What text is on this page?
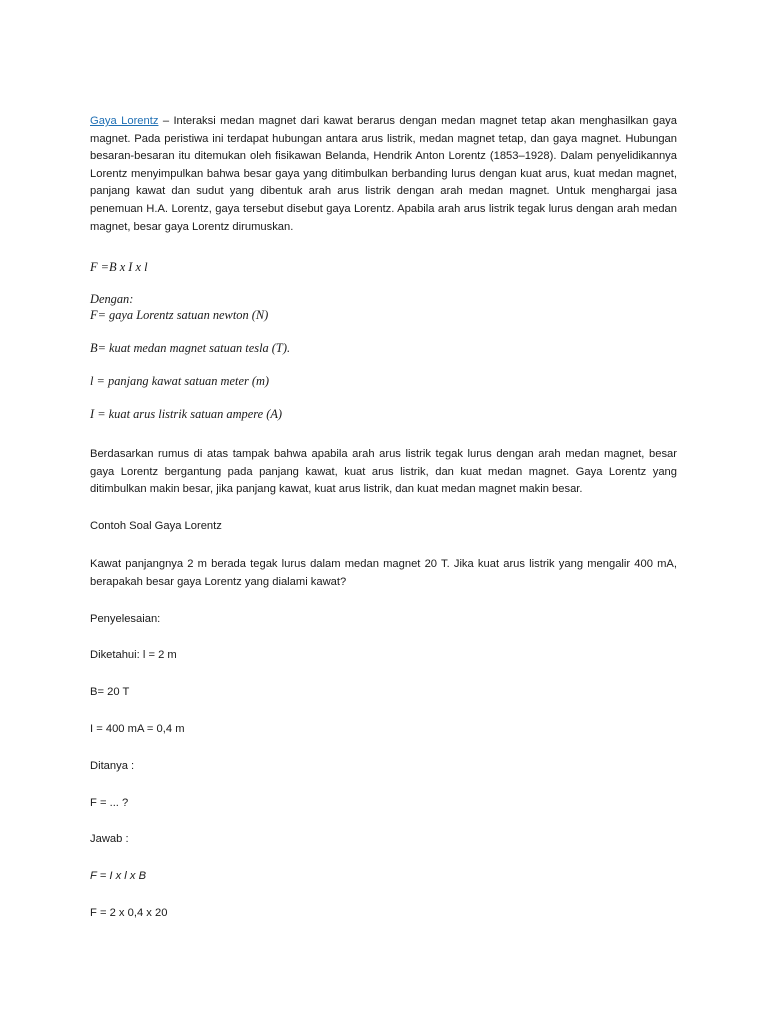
Gaya Lorentz – Interaksi medan magnet dari kawat berarus dengan medan magnet tetap akan menghasilkan gaya magnet. Pada peristiwa ini terdapat hubungan antara arus listrik, medan magnet tetap, dan gaya magnet. Hubungan besaran-besaran itu ditemukan oleh fisikawan Belanda, Hendrik Anton Lorentz (1853–1928). Dalam penyelidikannya Lorentz menyimpulkan bahwa besar gaya yang ditimbulkan berbanding lurus dengan kuat arus, kuat medan magnet, panjang kawat dan sudut yang dibentuk arah arus listrik dengan arah medan magnet. Untuk menghargai jasa penemuan H.A. Lorentz, gaya tersebut disebut gaya Lorentz. Apabila arah arus listrik tegak lurus dengan arah medan magnet, besar gaya Lorentz dirumuskan.

F =B x I x l

Dengan:

F= gaya Lorentz satuan newton (N)

B= kuat medan magnet satuan tesla (T).

l = panjang kawat satuan meter (m)

I = kuat arus listrik satuan ampere (A)

Berdasarkan rumus di atas tampak bahwa apabila arah arus listrik tegak lurus dengan arah medan magnet, besar gaya Lorentz bergantung pada panjang kawat, kuat arus listrik, dan kuat medan magnet. Gaya Lorentz yang ditimbulkan makin besar, jika panjang kawat, kuat arus listrik, dan kuat medan magnet makin besar.

Contoh Soal Gaya Lorentz

Kawat panjangnya 2 m berada tegak lurus dalam medan magnet 20 T. Jika kuat arus listrik yang mengalir 400 mA, berapakah besar gaya Lorentz yang dialami kawat?

Penyelesaian:

Diketahui: l = 2 m

B= 20 T

I = 400 mA = 0,4 m

Ditanya :

F = ... ?

Jawab :

F = I x l x B

F = 2 x 0,4 x 20
